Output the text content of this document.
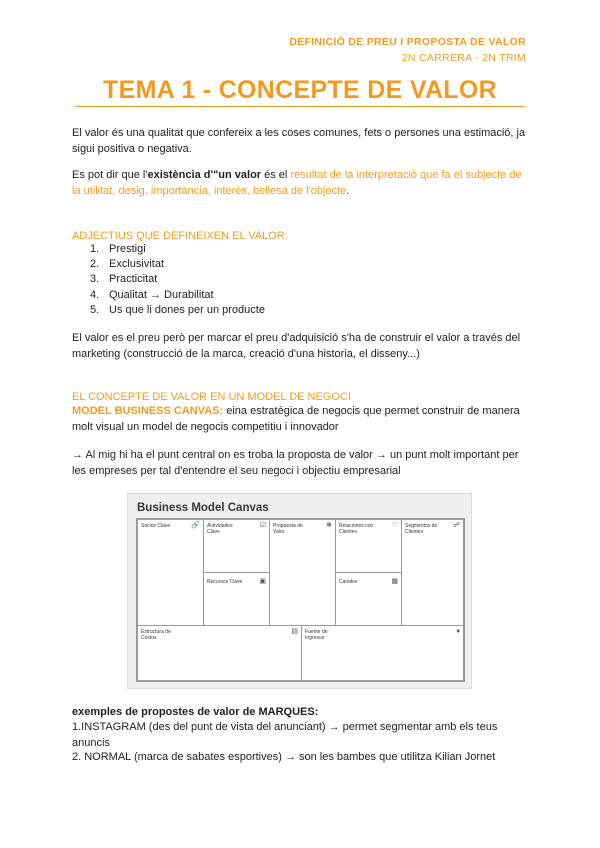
DEFINICIÓ DE PREU I PROPOSTA DE VALOR
2N CARRERA - 2N TRIM
TEMA 1 - CONCEPTE DE VALOR
El valor és una qualitat que confereix a les coses comunes, fets o persones una estimació, ja sigui positiva o negativa.
Es pot dir que l'existència d'"un valor és el resultat de la interpretació que fa el subjecte de la utilitat, desig, importància, interès, bellesa de l'objecte.
ADJECTIUS QUE DEFINEIXEN EL VALOR:
1. Prestigi
2. Exclusivitat
3. Practicitat
4. Qualitat → Durabilitat
5. Us que li dones per un producte
El valor es el preu però per marcar el preu d'adquisició s'ha de construir el valor a través del marketing (construcció de la marca, creació d'una historia, el disseny...)
EL CONCEPTE DE VALOR EN UN MODEL DE NEGOCI
MODEL BUSINESS CANVAS: eina estratègica de negocis que permet construir de manera molt visual un model de negocis competitiu i innovador
→ Al mig hi ha el punt central on es troba la proposta de valor → un punt molt important per les empreses per tal d'entendre el seu negoci i objectiu empresarial
Business Model Canvas
Socios Clave	🔗 Actividades Clave
☑
Recursos Clave ▣
Propuesta de Valor
❋ Relaciones con Clientes
♡
Canales	▦
Segmentos de Clientes
☍
Estructura de Costos
▤ Fuente de Ingresos
♦
exemples de propostes de valor de MARQUES:
1.INSTAGRAM (des del punt de vista del anunciant) → permet segmentar amb els teus anuncis
2. NORMAL (marca de sabates esportives) → son les bambes que utilitza Kilian Jornet
